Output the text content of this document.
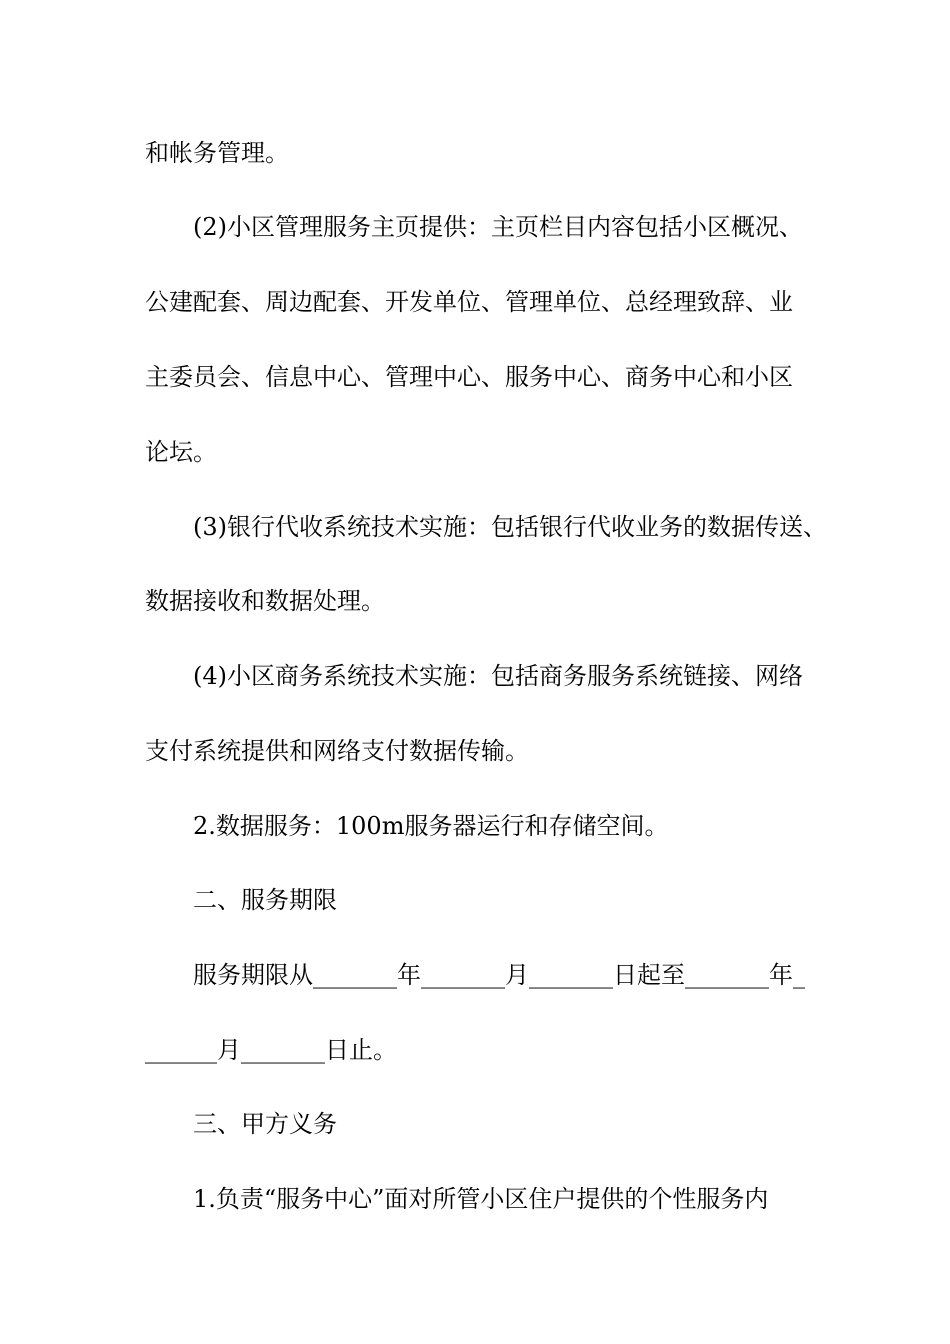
和帐务管理。

(2)小区管理服务主页提供：主页栏目内容包括小区概况、

公建配套、周边配套、开发单位、管理单位、总经理致辞、业

主委员会、信息中心、管理中心、服务中心、商务中心和小区

论坛。

(3)银行代收系统技术实施：包括银行代收业务的数据传送、

数据接收和数据处理。

(4)小区商务系统技术实施：包括商务服务系统链接、网络

支付系统提供和网络支付数据传输。

2.数据服务：100m服务器运行和存储空间。

二、服务期限

服务期限从_______年_______月_______日起至_______年_

______月_______日止。

三、甲方义务

1.负责“服务中心”面对所管小区住户提供的个性服务内
